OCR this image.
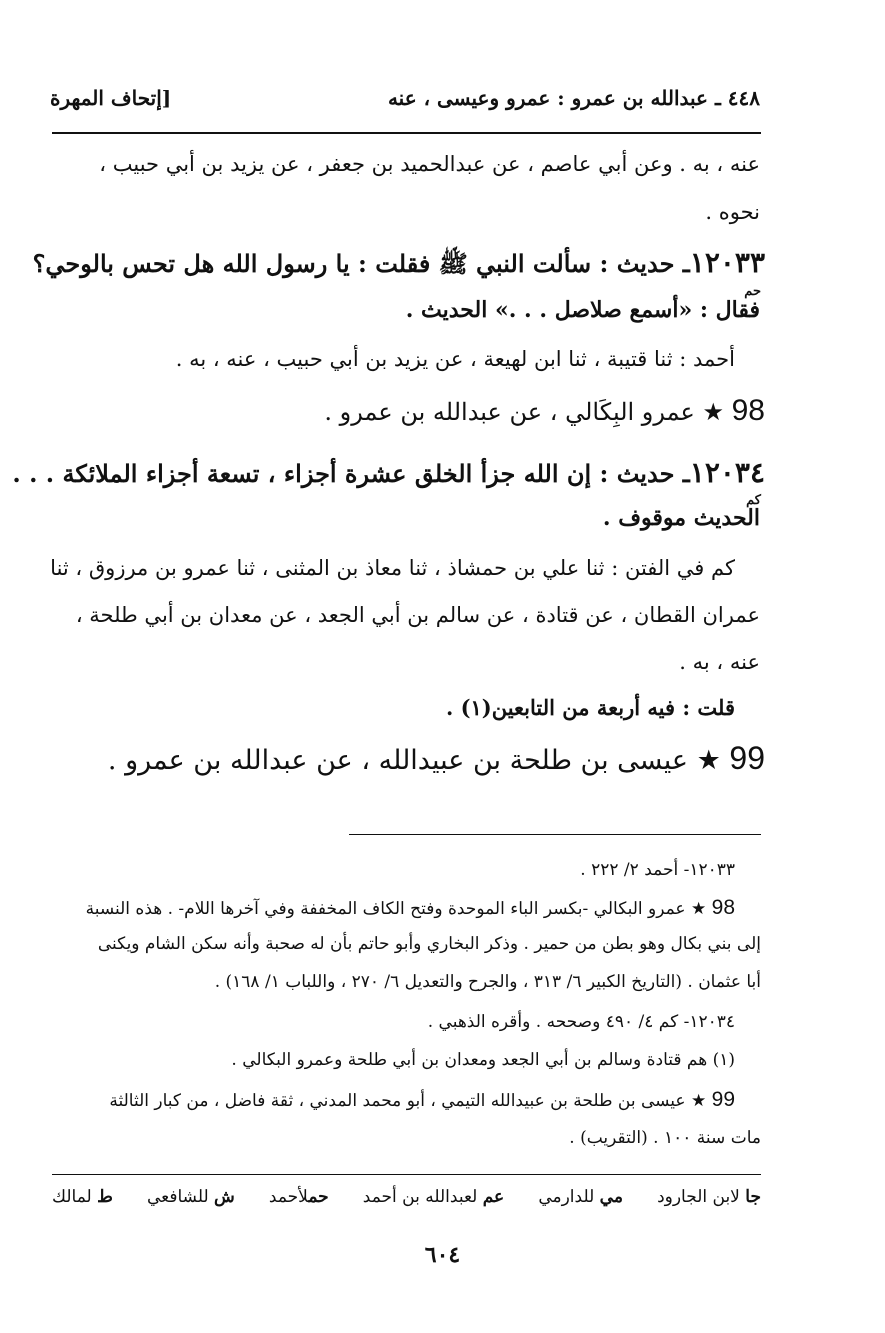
٤٤٨ ـ عبدالله بن عمرو : عمرو وعيسى ، عنه
[إتحاف المهرة
عنه ، به . وعن أبي عاصم ، عن عبدالحميد بن جعفر ، عن يزيد بن أبي حبيب ،
نحوه .
١٢٠٣٣ـ حديث : سألت النبي ﷺ فقلت : يا رسول الله هل تحس بالوحي؟
حم
فقال : «أسمع صلاصل . . .» الحديث .
أحمد : ثنا قتيبة ، ثنا ابن لهيعة ، عن يزيد بن أبي حبيب ، عنه ، به .
98 ★ عمرو البِكَالي ، عن عبدالله بن عمرو .
١٢٠٣٤ـ حديث : إن الله جزأ الخلق عشرة أجزاء ، تسعة أجزاء الملائكة . . .
كم
الحديث موقوف .
كم في الفتن : ثنا علي بن حمشاذ ، ثنا معاذ بن المثنى ، ثنا عمرو بن مرزوق ، ثنا
عمران القطان ، عن قتادة ، عن سالم بن أبي الجعد ، عن معدان بن أبي طلحة ،
عنه ، به .
قلت : فيه أربعة من التابعين(١) .
99 ★ عيسى بن طلحة بن عبيدالله ، عن عبدالله بن عمرو .
١٢٠٣٣- أحمد ٢/ ٢٢٢ .
98 ★ عمرو البكالي -بكسر الباء الموحدة وفتح الكاف المخففة وفي آخرها اللام- . هذه النسبة
إلى بني بكال وهو بطن من حمير . وذكر البخاري وأبو حاتم بأن له صحبة وأنه سكن الشام ويكنى
أبا عثمان . (التاريخ الكبير ٦/ ٣١٣ ، والجرح والتعديل ٦/ ٢٧٠ ، واللباب ١/ ١٦٨) .
١٢٠٣٤- كم ٤/ ٤٩٠ وصححه . وأقره الذهبي .
(١) هم قتادة وسالم بن أبي الجعد ومعدان بن أبي طلحة وعمرو البكالي .
99 ★ عيسى بن طلحة بن عبيدالله التيمي ، أبو محمد المدني ، ثقة فاضل ، من كبار الثالثة
مات سنة ١٠٠ . (التقريب) .
ط لمالك	ش للشافعي	حملأحمد	عم لعبدالله بن أحمد	مي للدارمي	جا لابن الجارود
٦٠٤
